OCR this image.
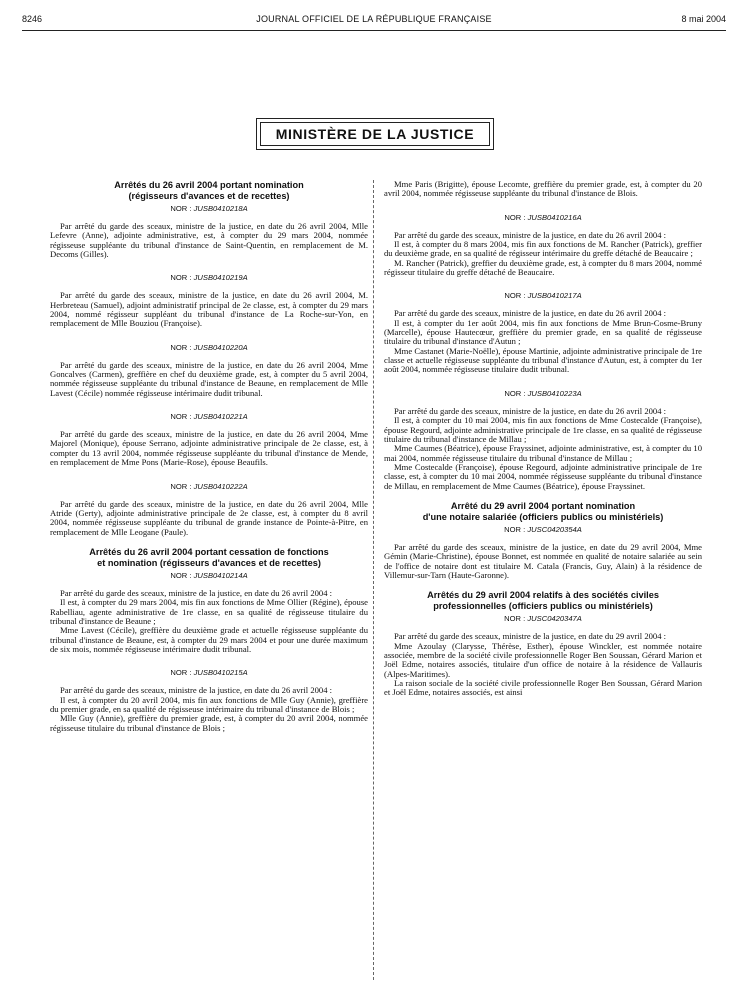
8246	JOURNAL OFFICIEL DE LA RÉPUBLIQUE FRANÇAISE	8 mai 2004
MINISTÈRE DE LA JUSTICE
Arrêtés du 26 avril 2004 portant nomination
(régisseurs d'avances et de recettes)
NOR : JUSB0410218A

Par arrêté du garde des sceaux, ministre de la justice, en date du 26 avril 2004, Mlle Lefevre (Anne), adjointe administrative, est, à compter du 29 mars 2004, nommée régisseuse suppléante du tribunal d'instance de Saint-Quentin, en remplacement de M. Decoms (Gilles).

NOR : JUSB0410219A

Par arrêté du garde des sceaux, ministre de la justice, en date du 26 avril 2004, M. Herbreteau (Samuel), adjoint administratif principal de 2e classe, est, à compter du 29 mars 2004, nommé régisseur suppléant du tribunal d'instance de La Roche-sur-Yon, en remplacement de Mlle Bouziou (Françoise).

NOR : JUSB0410220A

Par arrêté du garde des sceaux, ministre de la justice, en date du 26 avril 2004, Mme Goncalves (Carmen), greffière en chef du deuxième grade, est, à compter du 5 avril 2004, nommée régisseuse suppléante du tribunal d'instance de Beaune, en remplacement de Mlle Lavest (Cécile) nommée régisseuse intérimaire dudit tribunal.

NOR : JUSB0410221A

Par arrêté du garde des sceaux, ministre de la justice, en date du 26 avril 2004, Mme Majorel (Monique), épouse Serrano, adjointe administrative principale de 2e classe, est, à compter du 13 avril 2004, nommée régisseuse suppléante du tribunal d'instance de Mende, en remplacement de Mme Pons (Marie-Rose), épouse Beaufils.

NOR : JUSB0410222A

Par arrêté du garde des sceaux, ministre de la justice, en date du 26 avril 2004, Mlle Atride (Gerty), adjointe administrative principale de 2e classe, est, à compter du 8 avril 2004, nommée régisseuse suppléante du tribunal de grande instance de Pointe-à-Pitre, en remplacement de Mlle Leogane (Paule).

Arrêtés du 26 avril 2004 portant cessation de fonctions
et nomination (régisseurs d'avances et de recettes)
NOR : JUSB0410214A

Par arrêté du garde des sceaux, ministre de la justice, en date du 26 avril 2004 :

Il est, à compter du 29 mars 2004, mis fin aux fonctions de Mme Ollier (Régine), épouse Rabelliau, agente administrative de 1re classe, en sa qualité de régisseuse titulaire du tribunal d'instance de Beaune ;

Mme Lavest (Cécile), greffière du deuxième grade et actuelle régisseuse suppléante du tribunal d'instance de Beaune, est, à compter du 29 mars 2004 et pour une durée maximum de six mois, nommée régisseuse intérimaire dudit tribunal.

NOR : JUSB0410215A

Par arrêté du garde des sceaux, ministre de la justice, en date du 26 avril 2004 :

Il est, à compter du 20 avril 2004, mis fin aux fonctions de Mlle Guy (Annie), greffière du premier grade, en sa qualité de régisseuse intérimaire du tribunal d'instance de Blois ;

Mlle Guy (Annie), greffière du premier grade, est, à compter du 20 avril 2004, nommée régisseuse titulaire du tribunal d'instance de Blois ;

Mme Paris (Brigitte), épouse Lecomte, greffière du premier grade, est, à compter du 20 avril 2004, nommée régisseuse suppléante du tribunal d'instance de Blois.

NOR : JUSB0410216A

Par arrêté du garde des sceaux, ministre de la justice, en date du 26 avril 2004 :

Il est, à compter du 8 mars 2004, mis fin aux fonctions de M. Rancher (Patrick), greffier du deuxième grade, en sa qualité de régisseur intérimaire du greffe détaché de Beaucaire ;

M. Rancher (Patrick), greffier du deuxième grade, est, à compter du 8 mars 2004, nommé régisseur titulaire du greffe détaché de Beaucaire.

NOR : JUSB0410217A

Par arrêté du garde des sceaux, ministre de la justice, en date du 26 avril 2004 :

Il est, à compter du 1er août 2004, mis fin aux fonctions de Mme Brun-Cosme-Bruny (Marcelle), épouse Hautecœur, greffière du premier grade, en sa qualité de régisseuse titulaire du tribunal d'instance d'Autun ;

Mme Castanet (Marie-Noëlle), épouse Martinie, adjointe administrative principale de 1re classe et actuelle régisseuse suppléante du tribunal d'instance d'Autun, est, à compter du 1er août 2004, nommée régisseuse titulaire dudit tribunal.

NOR : JUSB0410223A

Par arrêté du garde des sceaux, ministre de la justice, en date du 26 avril 2004 :

Il est, à compter du 10 mai 2004, mis fin aux fonctions de Mme Costecalde (Françoise), épouse Regourd, adjointe administrative principale de 1re classe, en sa qualité de régisseuse titulaire du tribunal d'instance de Millau ;

Mme Caumes (Béatrice), épouse Frayssinet, adjointe administrative, est, à compter du 10 mai 2004, nommée régisseuse titulaire du tribunal d'instance de Millau ;

Mme Costecalde (Françoise), épouse Regourd, adjointe administrative principale de 1re classe, est, à compter du 10 mai 2004, nommée régisseuse suppléante du tribunal d'instance de Millau, en remplacement de Mme Caumes (Béatrice), épouse Frayssinet.

Arrêté du 29 avril 2004 portant nomination
d'une notaire salariée (officiers publics ou ministériels)
NOR : JUSC0420354A

Par arrêté du garde des sceaux, ministre de la justice, en date du 29 avril 2004, Mme Gémin (Marie-Christine), épouse Bonnet, est nommée en qualité de notaire salariée au sein de l'office de notaire dont est titulaire M. Catala (Francis, Guy, Alain) à la résidence de Villemur-sur-Tarn (Haute-Garonne).

Arrêtés du 29 avril 2004 relatifs à des sociétés civiles
professionnelles (officiers publics ou ministériels)
NOR : JUSC0420347A

Par arrêté du garde des sceaux, ministre de la justice, en date du 29 avril 2004 :

Mme Azoulay (Clarysse, Thérèse, Esther), épouse Winckler, est nommée notaire associée, membre de la société civile professionnelle Roger Ben Soussan, Gérard Marion et Joël Edme, notaires associés, titulaire d'un office de notaire à la résidence de Vallauris (Alpes-Maritimes).

La raison sociale de la société civile professionnelle Roger Ben Soussan, Gérard Marion et Joël Edme, notaires associés, est ainsi
